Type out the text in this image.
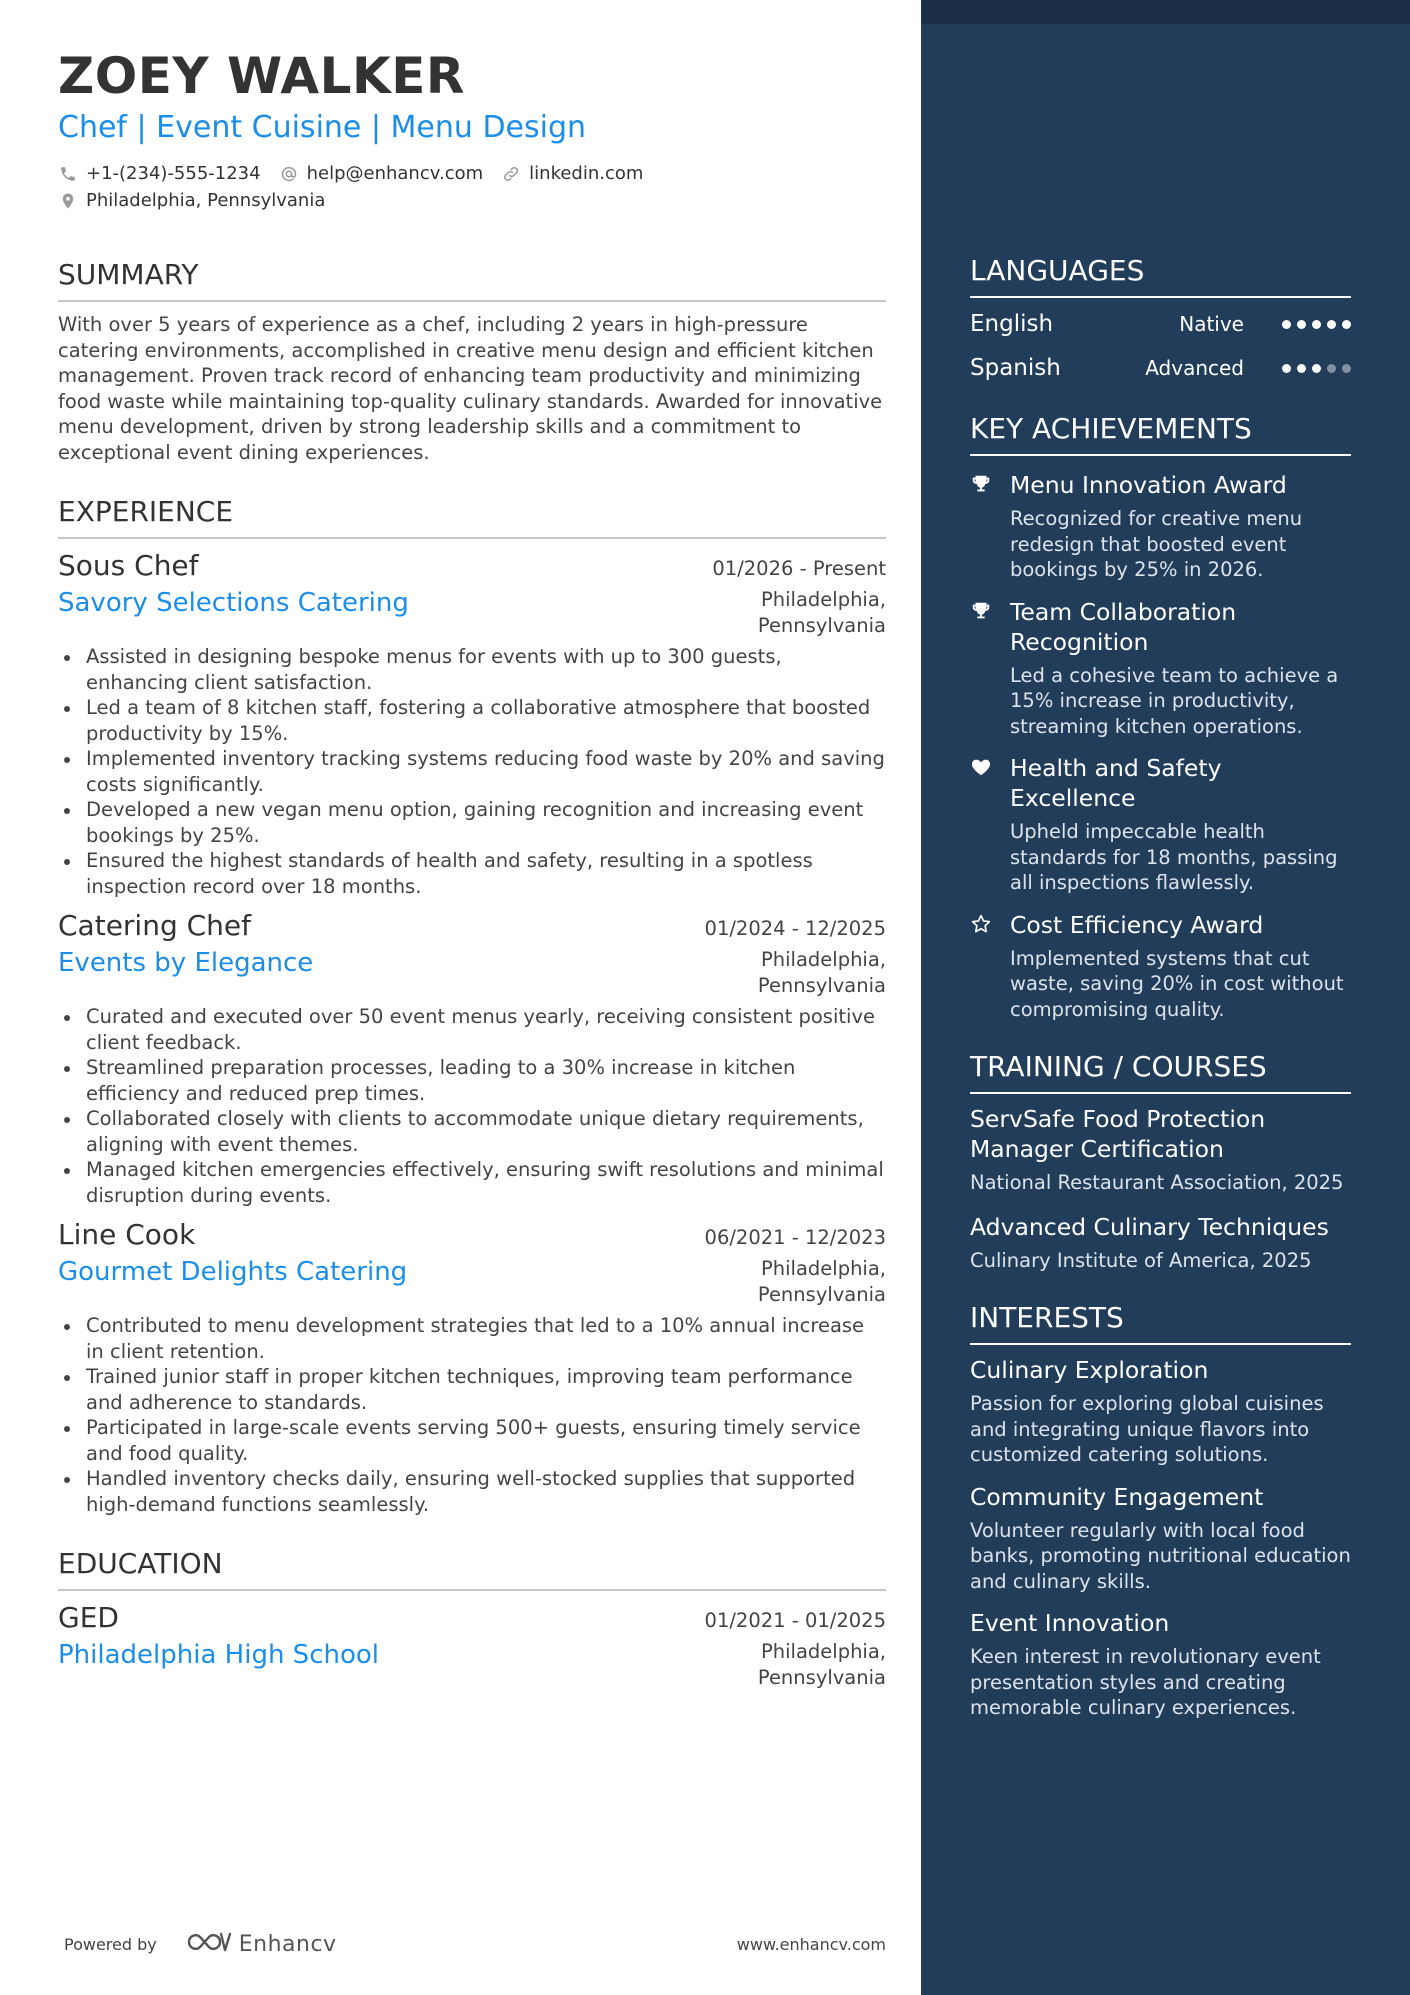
ZOEY WALKER
Chef | Event Cuisine | Menu Design
+1-(234)-555-1234	help@enhancv.com	linkedin.com
Philadelphia, Pennsylvania
SUMMARY
With over 5 years of experience as a chef, including 2 years in high-pressure catering environments, accomplished in creative menu design and efficient kitchen management. Proven track record of enhancing team productivity and minimizing food waste while maintaining top-quality culinary standards. Awarded for innovative menu development, driven by strong leadership skills and a commitment to exceptional event dining experiences.
EXPERIENCE
Sous Chef	01/2026 - Present
Savory Selections Catering	Philadelphia, Pennsylvania
Assisted in designing bespoke menus for events with up to 300 guests, enhancing client satisfaction.
Led a team of 8 kitchen staff, fostering a collaborative atmosphere that boosted productivity by 15%.
Implemented inventory tracking systems reducing food waste by 20% and saving costs significantly.
Developed a new vegan menu option, gaining recognition and increasing event bookings by 25%.
Ensured the highest standards of health and safety, resulting in a spotless inspection record over 18 months.
Catering Chef	01/2024 - 12/2025
Events by Elegance	Philadelphia, Pennsylvania
Curated and executed over 50 event menus yearly, receiving consistent positive client feedback.
Streamlined preparation processes, leading to a 30% increase in kitchen efficiency and reduced prep times.
Collaborated closely with clients to accommodate unique dietary requirements, aligning with event themes.
Managed kitchen emergencies effectively, ensuring swift resolutions and minimal disruption during events.
Line Cook	06/2021 - 12/2023
Gourmet Delights Catering	Philadelphia, Pennsylvania
Contributed to menu development strategies that led to a 10% annual increase in client retention.
Trained junior staff in proper kitchen techniques, improving team performance and adherence to standards.
Participated in large-scale events serving 500+ guests, ensuring timely service and food quality.
Handled inventory checks daily, ensuring well-stocked supplies that supported high-demand functions seamlessly.
EDUCATION
GED	01/2021 - 01/2025
Philadelphia High School	Philadelphia, Pennsylvania
Powered by	Enhancv	www.enhancv.com
LANGUAGES
English	Native
Spanish	Advanced
KEY ACHIEVEMENTS
Menu Innovation Award
Recognized for creative menu redesign that boosted event bookings by 25% in 2026.
Team Collaboration Recognition
Led a cohesive team to achieve a 15% increase in productivity, streaming kitchen operations.
Health and Safety Excellence
Upheld impeccable health standards for 18 months, passing all inspections flawlessly.
Cost Efficiency Award
Implemented systems that cut waste, saving 20% in cost without compromising quality.
TRAINING / COURSES
ServSafe Food Protection Manager Certification
National Restaurant Association, 2025
Advanced Culinary Techniques
Culinary Institute of America, 2025
INTERESTS
Culinary Exploration
Passion for exploring global cuisines and integrating unique flavors into customized catering solutions.
Community Engagement
Volunteer regularly with local food banks, promoting nutritional education and culinary skills.
Event Innovation
Keen interest in revolutionary event presentation styles and creating memorable culinary experiences.
